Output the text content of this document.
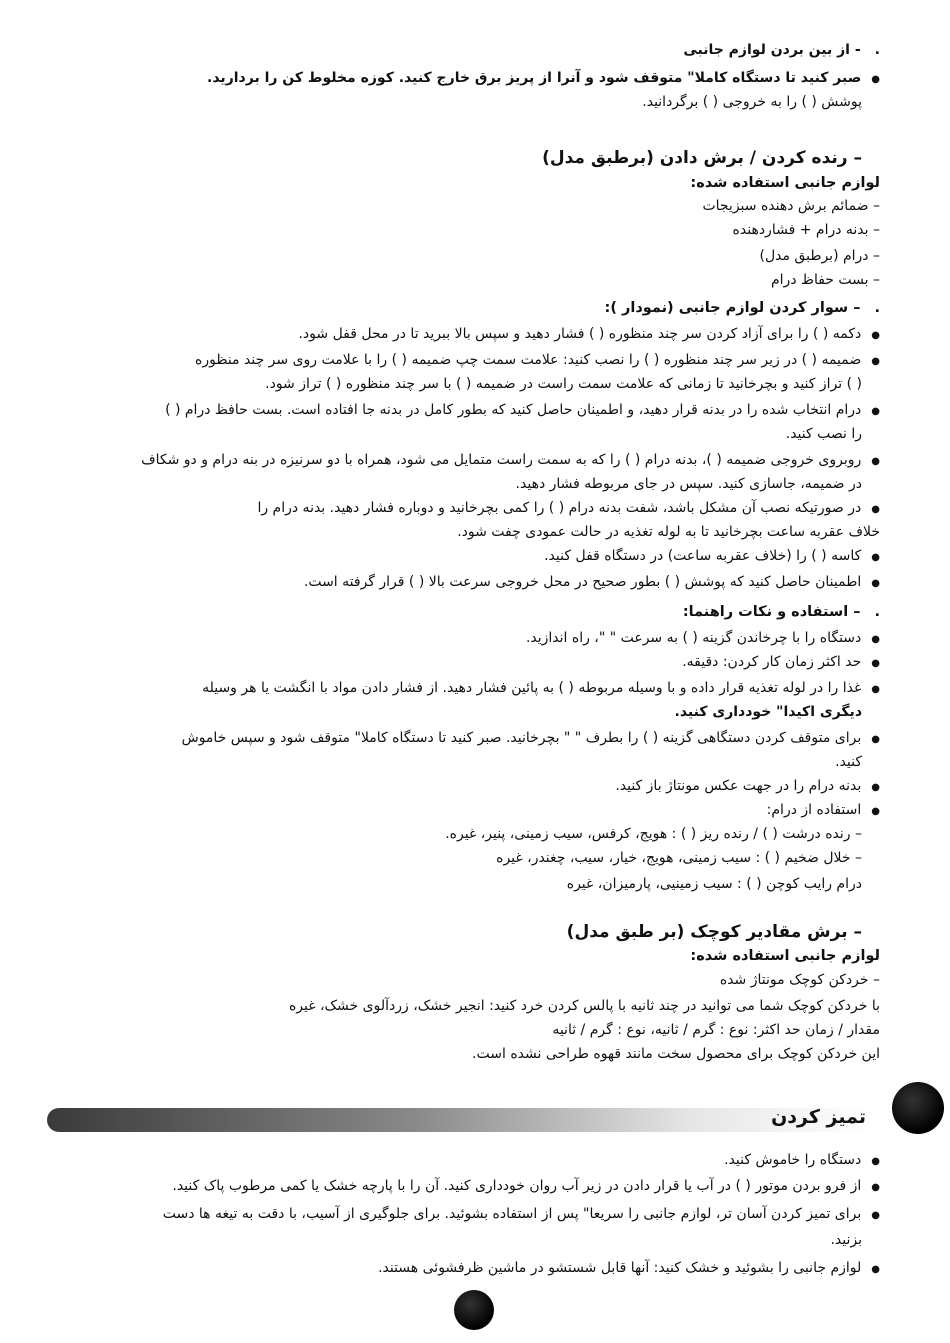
. - از بین بردن لوازم جانبی
● صبر کنید تا دستگاه کاملا" متوقف شود و آنرا از پریز برق خارج کنید. کوزه مخلوط کن را بردارید.
پوشش ( ) را به خروجی ( ) برگردانید.
– رنده کردن / برش دادن (برطبق مدل)
لوازم جانبی استفاده شده:
– ضمائم برش دهنده سبزیجات
– بدنه درام + فشاردهنده
– درام (برطبق مدل)
– بست حفاظ درام
. – سوار کردن لوازم جانبی (نمودار ):
● دکمه ( ) را برای آزاد کردن سر چند منظوره ( ) فشار دهید و سپس بالا ببرید تا در محل قفل شود.
● ضمیمه ( ) در زیر سر چند منظوره ( ) را نصب کنید: علامت سمت چپ ضمیمه ( ) را با علامت روی سر چند منظوره
( ) تراز کنید و بچرخانید تا زمانی که علامت سمت راست در ضمیمه ( ) با سر چند منظوره ( ) تراز شود.
● درام انتخاب شده را در بدنه قرار دهید، و اطمینان حاصل کنید که بطور کامل در بدنه جا افتاده است. بست حافظ درام ( )
را نصب کنید.
● روبروی خروجی ضمیمه ( )، بدنه درام ( ) را که به سمت راست متمایل می شود، همراه با دو سرنیزه در بنه درام و دو شکاف
در ضمیمه، جاسازی کنید. سپس در جای مربوطه فشار دهید.
● در صورتیکه نصب آن مشکل باشد، شفت بدنه درام ( ) را کمی بچرخانید و دوباره فشار دهید. بدنه درام را
خلاف عقربه ساعت بچرخانید تا به لوله تغذیه در حالت عمودی چفت شود.
● کاسه ( ) را (خلاف عقربه ساعت) در دستگاه قفل کنید.
● اطمینان حاصل کنید که پوشش ( ) بطور صحیح در محل خروجی سرعت بالا ( ) قرار گرفته است.
. – استفاده و نکات راهنما:
● دستگاه را با چرخاندن گزینه ( ) به سرعت " "، راه اندازید.
● حد اکثر زمان کار کردن: دقیقه.
● غذا را در لوله تغذیه قرار داده و با وسیله مربوطه ( ) به پائین فشار دهید. از فشار دادن مواد با انگشت یا هر وسیله
دیگری اکیدا" خودداری کنید.
● برای متوقف کردن دستگاهی گزینه ( ) را بطرف " " بچرخانید. صبر کنید تا دستگاه کاملا" متوقف شود و سپس خاموش
کنید.
● بدنه درام را در جهت عکس مونتاژ باز کنید.
● استفاده از درام:
– رنده درشت ( ) / رنده ریز ( ) : هویج، کرفس، سیب زمینی، پنیر، غیره.
– خلال ضخیم ( ) : سیب زمینی، هویج، خیار، سیب، چغندر، غیره
درام رایب کوچن ( ) : سیب زمینیی، پارمیزان، غیره
– برش مقادیر کوچک (بر طبق مدل)
لوازم جانبی استفاده شده:
– خردکن کوچک مونتاژ شده
با خردکن کوچک شما می توانید در چند ثانیه با پالس کردن خرد کنید: انجیر خشک، زردآلوی خشک، غیره
مقدار / زمان حد اکثر: نوع : گرم / ثانیه، نوع : گرم / ثانیه
این خردکن کوچک برای محصول سخت مانند قهوه طراحی نشده است.
● دستگاه را خاموش کنید.
● از فرو بردن موتور ( ) در آب یا قرار دادن در زیر آب روان خودداری کنید. آن را با پارچه خشک یا کمی مرطوب پاک کنید.
● برای تمیز کردن آسان تر، لوازم جانبی را سریعا" پس از استفاده بشوئید. برای جلوگیری از آسیب، با دقت به تیغه ها دست
بزنید.
● لوازم جانبی را بشوئید و خشک کنید: آنها قابل شستشو در ماشین ظرفشوئی هستند.
تمیز کردن
